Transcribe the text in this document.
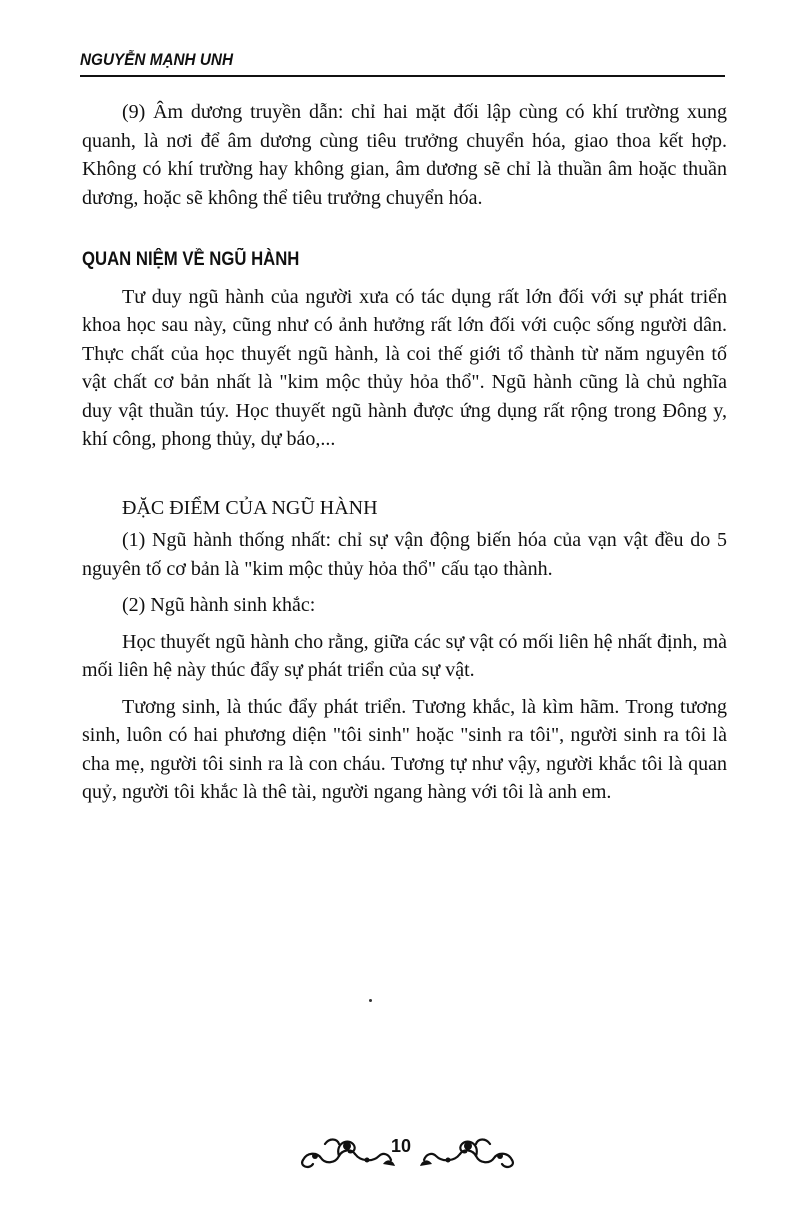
NGUYỄN MẠNH UNH

(9) Âm dương truyền dẫn: chỉ hai mặt đối lập cùng có khí trường xung quanh, là nơi để âm dương cùng tiêu trưởng chuyển hóa, giao thoa kết hợp. Không có khí trường hay không gian, âm dương sẽ chỉ là thuần âm hoặc thuần dương, hoặc sẽ không thể tiêu trưởng chuyển hóa.

QUAN NIỆM VỀ NGŨ HÀNH

Tư duy ngũ hành của người xưa có tác dụng rất lớn đối với sự phát triển khoa học sau này, cũng như có ảnh hưởng rất lớn đối với cuộc sống người dân. Thực chất của học thuyết ngũ hành, là coi thế giới tổ thành từ năm nguyên tố vật chất cơ bản nhất là "kim mộc thủy hỏa thổ". Ngũ hành cũng là chủ nghĩa duy vật thuần túy. Học thuyết ngũ hành được ứng dụng rất rộng trong Đông y, khí công, phong thủy, dự báo,...

ĐẶC ĐIỂM CỦA NGŨ HÀNH

(1) Ngũ hành thống nhất: chỉ sự vận động biến hóa của vạn vật đều do 5 nguyên tố cơ bản là "kim mộc thủy hỏa thổ" cấu tạo thành.

(2) Ngũ hành sinh khắc:

Học thuyết ngũ hành cho rằng, giữa các sự vật có mối liên hệ nhất định, mà mối liên hệ này thúc đẩy sự phát triển của sự vật.

Tương sinh, là thúc đẩy phát triển. Tương khắc, là kìm hãm. Trong tương sinh, luôn có hai phương diện "tôi sinh" hoặc "sinh ra tôi", người sinh ra tôi là cha mẹ, người tôi sinh ra là con cháu. Tương tự như vậy, người khắc tôi là quan quỷ, người tôi khắc là thê tài, người ngang hàng với tôi là anh em.

10
